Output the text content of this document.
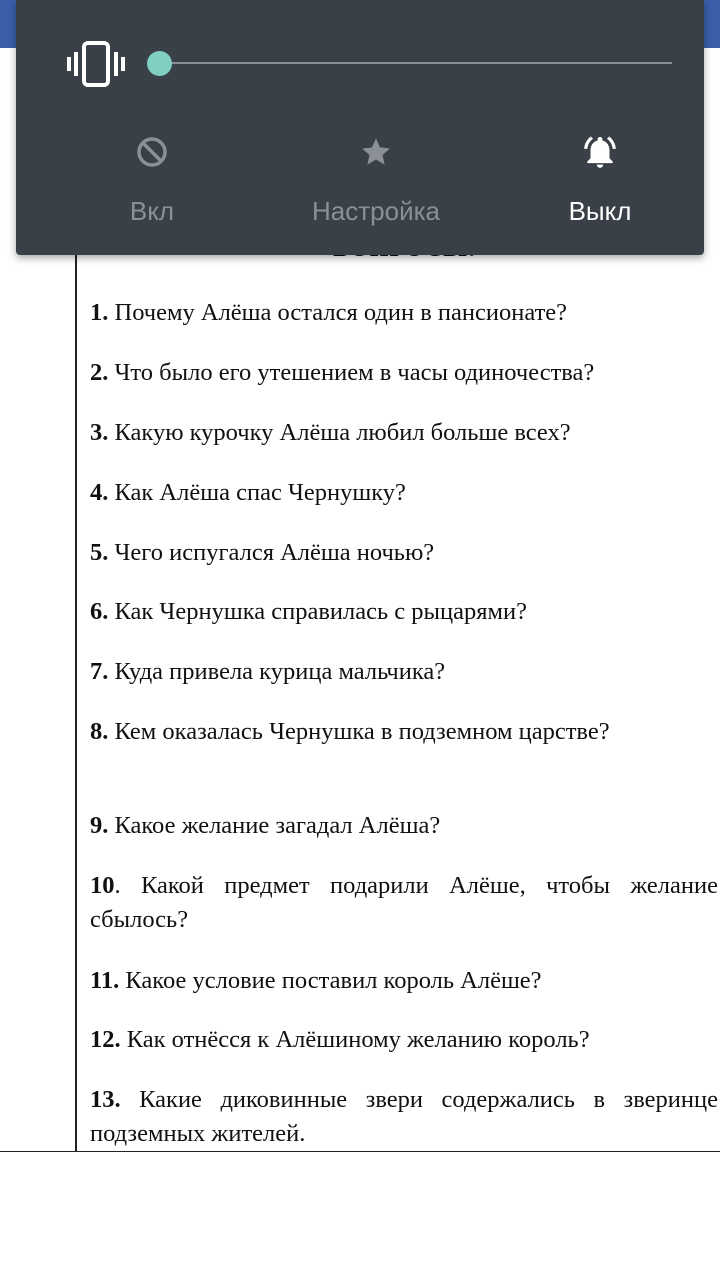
1. Почему Алёша остался один в пансионате?
2. Что было его утешением в часы одиночества?
3. Какую курочку Алёша любил больше всех?
4. Как Алёша спас Чернушку?
5. Чего испугался Алёша ночью?
6. Как Чернушка справилась с рыцарями?
7. Куда привела курица мальчика?
8. Кем оказалась Чернушка в подземном царстве?
9. Какое желание загадал Алёша?
10. Какой предмет подарили Алёше, чтобы желание сбылось?
11. Какое условие поставил король Алёше?
12. Как отнёсся к Алёшиному желанию король?
13. Какие диковинные звери содержались в зверинце подземных жителей.
Вкл	Настройка	Выкл
